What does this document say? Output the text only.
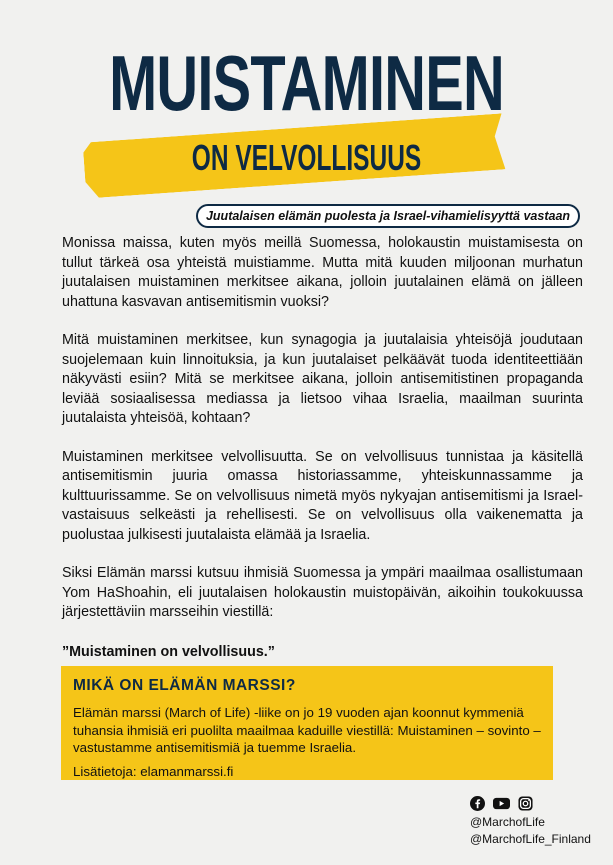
MUISTAMINEN
ON VELVOLLISUUS
Juutalaisen elämän puolesta ja Israel-vihamielisyyttä vastaan

Monissa maissa, kuten myös meillä Suomessa, holokaustin muistamisesta on tullut tärkeä osa yhteistä muistiamme. Mutta mitä kuuden miljoonan murhatun juutalaisen muistaminen merkitsee aikana, jolloin juutalainen elämä on jälleen uhattuna kasvavan antisemitismin vuoksi?

Mitä muistaminen merkitsee, kun synagogia ja juutalaisia yhteisöjä joudutaan suojelemaan kuin linnoituksia, ja kun juutalaiset pelkäävät tuoda identiteettiään näkyvästi esiin? Mitä se merkitsee aikana, jolloin antisemitistinen propaganda leviää sosiaalisessa mediassa ja lietsoo vihaa Israelia, maailman suurinta juutalaista yhteisöä, kohtaan?

Muistaminen merkitsee velvollisuutta. Se on velvollisuus tunnistaa ja käsitellä antisemitismin juuria omassa historiassamme, yhteiskunnassamme ja kulttuurissamme. Se on velvollisuus nimetä myös nykyajan antisemitismi ja Israel-vastaisuus selkeästi ja rehellisesti. Se on velvollisuus olla vaikenematta ja puolustaa julkisesti juutalaista elämää ja Israelia.

Siksi Elämän marssi kutsuu ihmisiä Suomessa ja ympäri maailmaa osallistumaan Yom HaShoahin, eli juutalaisen holokaustin muistopäivän, aikoihin toukokuussa järjestettäviin marsseihin viestillä:

”Muistaminen on velvollisuus.”

MIKÄ ON ELÄMÄN MARSSI?

Elämän marssi (March of Life) -liike on jo 19 vuoden ajan koonnut kymmeniä tuhansia ihmisiä eri puolilta maailmaa kaduille viestillä: Muistaminen – sovinto – vastustamme antisemitismiä ja tuemme Israelia.

Lisätietoja: elamanmarssi.fi

@MarchofLife
@MarchofLife_Finland
